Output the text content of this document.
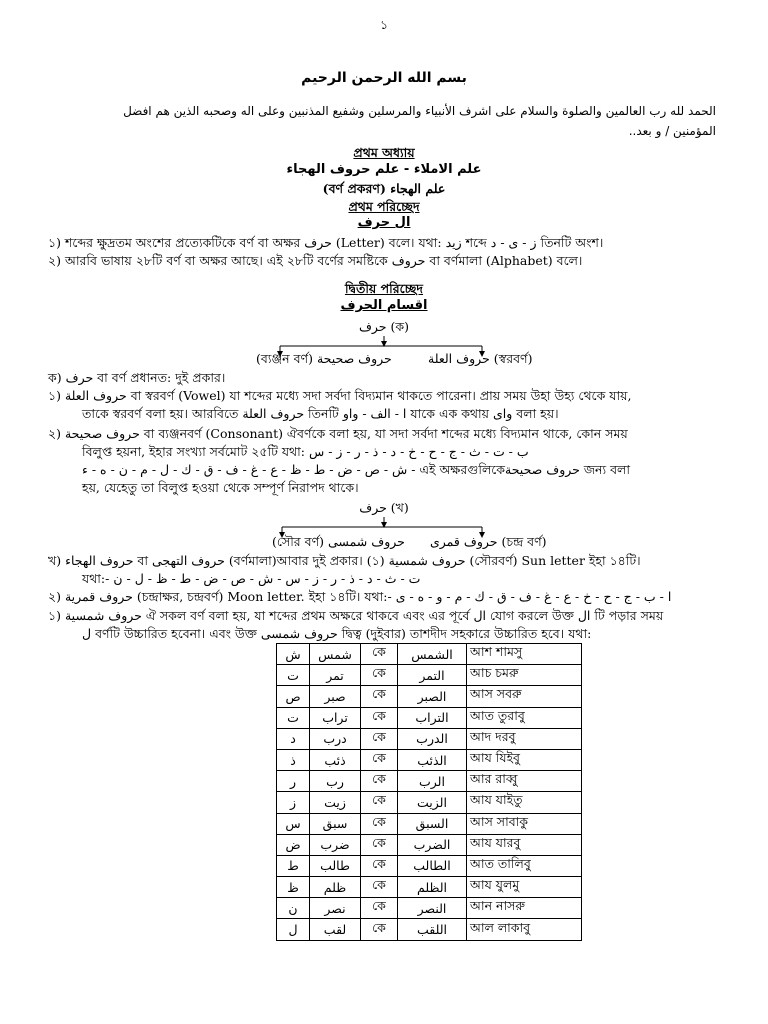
১
بسم الله الرحمن الرحيم
الحمد لله رب العالمين والصلوة والسلام على اشرف الأنبياء والمرسلين وشفيع المذنبين وعلى اله وصحبه الذين هم افضل
المؤمنين / و بعد..
প্রথম অধ্যায়
علم الاملاء - علم حروف الهجاء
(বর্ণ প্রকরণ) علم الهجاء
প্রথম পরিচ্ছেদ
ال حرف
১) শব্দের ক্ষুদ্রতম অংশের প্রত্যেকটিকে বর্ণ বা অক্ষর حرف (Letter) বলে। যথা: زيد শব্দে ز - ى - د তিনটি অংশ।
২) আরবি ভাষায় ২৮টি বর্ণ বা অক্ষর আছে। এই ২৮টি বর্ণের সমষ্টিকে حروف বা বর্ণমালা (Alphabet) বলে।
দ্বিতীয় পরিচ্ছেদ
اقسام الحرف
حرف (ক)
(ব্যঞ্জন বর্ণ) حروف صحيحة	حروف العلة (স্বরবর্ণ)
ক) حرف বা বর্ণ প্রধানত: দুই প্রকার।
১) حروف العلة বা স্বরবর্ণ (Vowel) যা শব্দের মধ্যে সদা সর্বদা বিদ্যমান থাকতে পারেনা। প্রায় সময় উহা উহ্য থেকে যায়,
তাকে স্বরবর্ণ বলা হয়। আরবিতে حروف العلة তিনটি ا - الف - واو যাকে এক কথায় واى বলা হয়।
২) حروف صحيحة বা ব্যঞ্জনবর্ণ (Consonant) ঐবর্ণকে বলা হয়, যা সদা সর্বদা শব্দের মধ্যে বিদ্যমান থাকে, কোন সময়
বিলুপ্ত হয়না, ইহার সংখ্যা সর্বমোট ২৫টি যথা: ب - ت - ث - ج - ح - خ - د - ذ - ر - ز - س
ش - ص - ض - ط - ظ - ع - غ - ف - ق - ك - ل - م - ن - ه - ء - এই অক্ষরগুলিকেحروف صحيحة জন্য বলা
হয়, যেহেতু তা বিলুপ্ত হওয়া থেকে সম্পূর্ণ নিরাপদ থাকে।
حرف (খ)
(সৌর বর্ণ) حروف شمسى حروف قمرى (চন্দ্র বর্ণ)
খ) حروف الهجاء বা حروف التهجى (বর্ণমালা)আবার দুই প্রকার। (১) حروف شمسية (সৌরবর্ণ) Sun letter ইহা ১৪টি।
যথা:- ت - ث - د - ذ - ر - ز - س - ش - ص - ض - ط - ظ - ل - ن
২) حروف قمرية (চন্দ্রাক্ষর, চন্দ্রবর্ণ) Moon letter. ইহা ১৪টি। যথা:- ا - ب - ج - ح - خ - ع - غ - ف - ق - ك - م - و - ه - ى
১) حروف شمسية ঐ সকল বর্ণ বলা হয়, যা শব্দের প্রথম অক্ষরে থাকবে এবং এর পূর্বে ال যোগ করলে উক্ত ال টি পড়ার সময়
ل বর্ণটি উচ্চারিত হবেনা। এবং উক্ত حروف شمسى দ্বিত্ব (দুইবার) তাশদীদ সহকারে উচ্চারিত হবে। যথা:
ش	شمس	কে	الشمس	আশ শামসু
ت	تمر	কে	التمر	আচ চমরু
ص	صبر	কে	الصبر	আস সবরু
ت	تراب	কে	التراب	আত তুরাবু
د	درب	কে	الدرب	আদ দরবু
ذ	ذئب	কে	الذئب	আয যিইবু
ر	رب	কে	الرب	আর রাব্বু
ز	زيت	কে	الزيت	আয যাইতু
س	سبق	কে	السبق	আস সাবাকু
ض	ضرب	কে	الضرب	আয যারবু
ط	طالب	কে	الطالب	আত তালিবু
ظ	ظلم	কে	الظلم	আয যুলমু
ن	نصر	কে	النصر	আন নাসরু
ل	لقب	কে	اللقب	আল লাকাবু
